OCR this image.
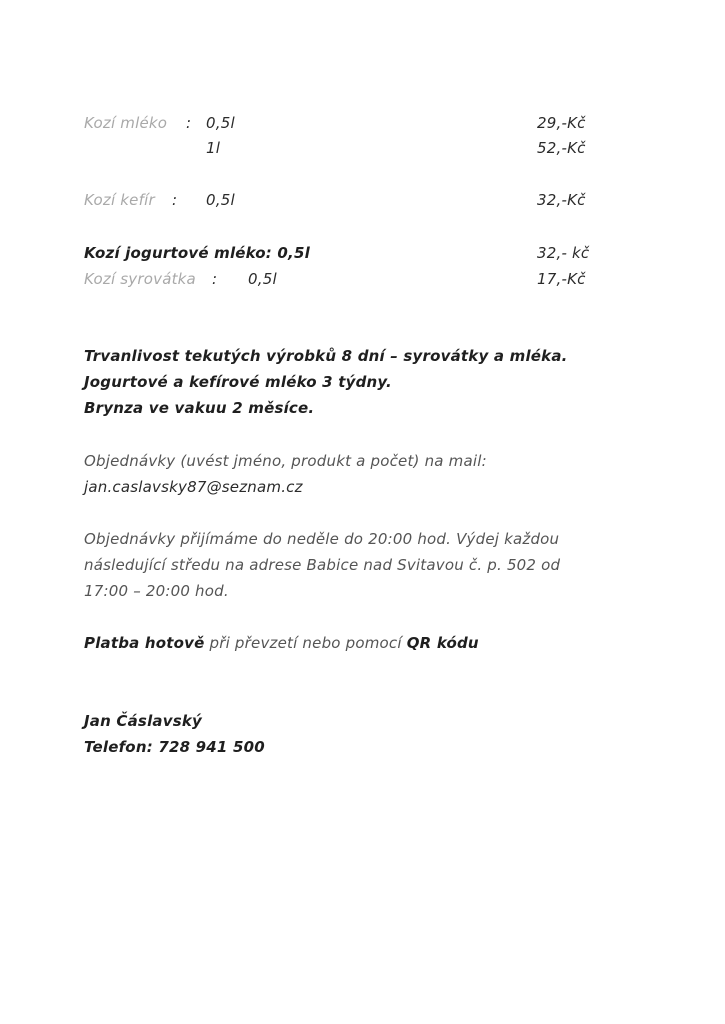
Kozí mléko : 0,5l	29,-Kč
1l	52,-Kč
Kozí kefír : 0,5l	32,-Kč
Kozí jogurtové mléko: 0,5l	32,- kč
Kozí syrovátka : 0,5l	17,-Kč
Trvanlivost tekutých výrobků 8 dní – syrovátky a mléka.
Jogurtové a kefírové mléko 3 týdny.
Brynza ve vakuu 2 měsíce.
Objednávky (uvést jméno, produkt a počet) na mail:
jan.caslavsky87@seznam.cz
Objednávky přijímáme do neděle do 20:00 hod. Výdej každou
následující středu na adrese Babice nad Svitavou č. p. 502 od
17:00 – 20:00 hod.
Platba hotově při převzetí nebo pomocí QR kódu
Jan Čáslavský
Telefon: 728 941 500
